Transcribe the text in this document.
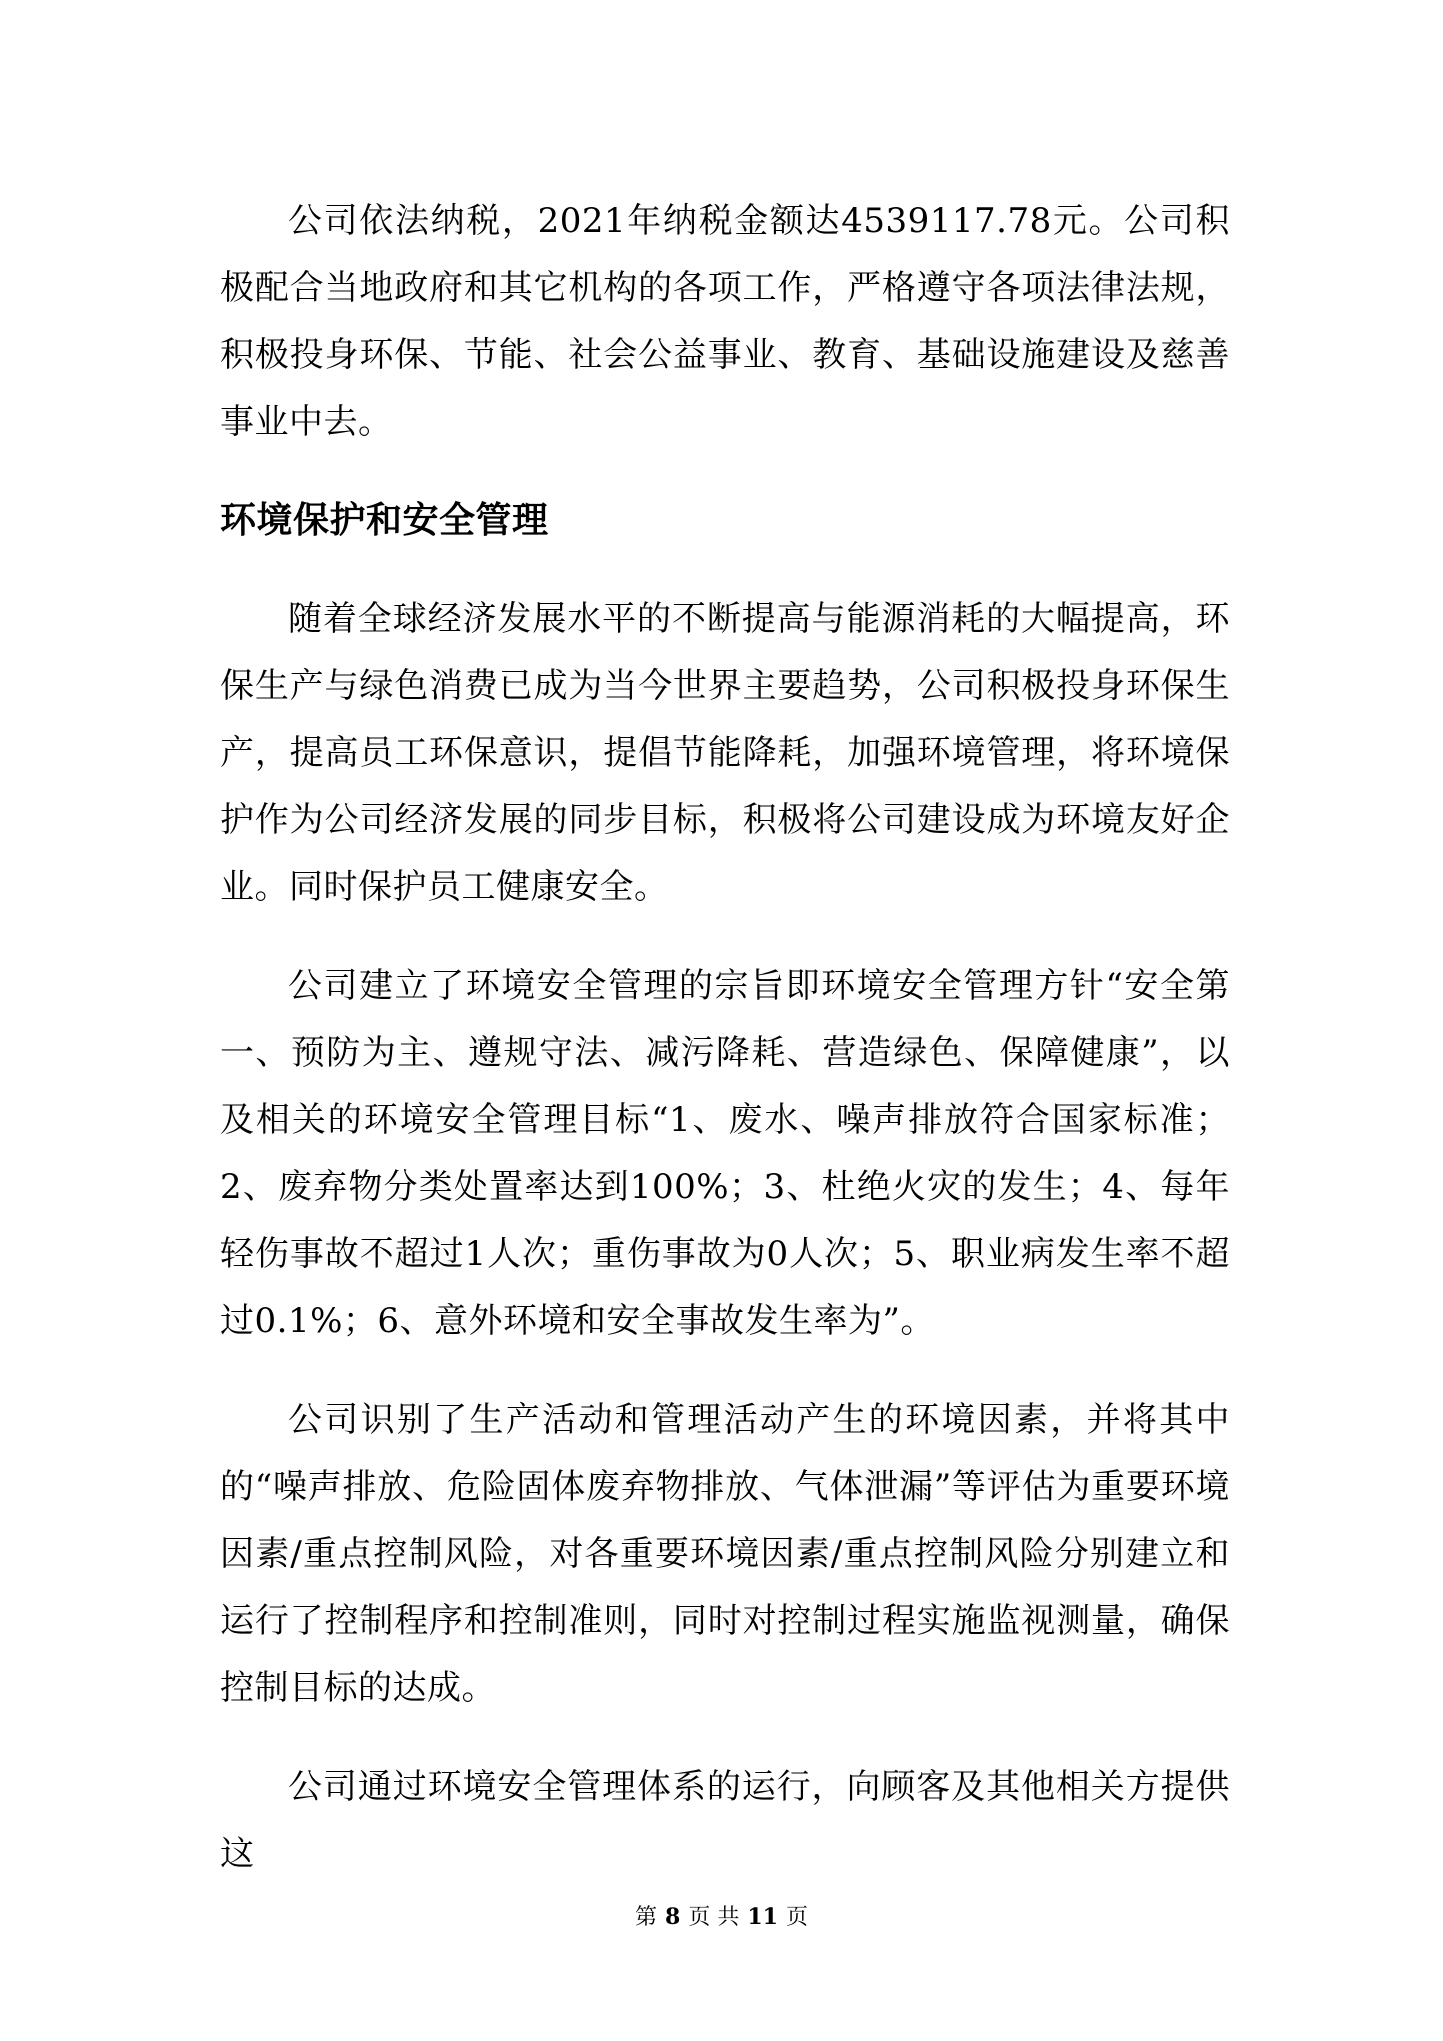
公司依法纳税，2021年纳税金额达4539117.78元。公司积极配合当地政府和其它机构的各项工作，严格遵守各项法律法规，积极投身环保、节能、社会公益事业、教育、基础设施建设及慈善事业中去。

环境保护和安全管理

随着全球经济发展水平的不断提高与能源消耗的大幅提高，环保生产与绿色消费已成为当今世界主要趋势，公司积极投身环保生产，提高员工环保意识，提倡节能降耗，加强环境管理，将环境保护作为公司经济发展的同步目标，积极将公司建设成为环境友好企业。同时保护员工健康安全。

公司建立了环境安全管理的宗旨即环境安全管理方针“安全第一、预防为主、遵规守法、减污降耗、营造绿色、保障健康”，以及相关的环境安全管理目标“1、废水、噪声排放符合国家标准；2、废弃物分类处置率达到100%；3、杜绝火灾的发生；4、每年轻伤事故不超过1人次；重伤事故为0人次；5、职业病发生率不超过0.1%；6、意外环境和安全事故发生率为”。

公司识别了生产活动和管理活动产生的环境因素，并将其中的“噪声排放、危险固体废弃物排放、气体泄漏”等评估为重要环境因素/重点控制风险，对各重要环境因素/重点控制风险分别建立和运行了控制程序和控制准则，同时对控制过程实施监视测量，确保控制目标的达成。

公司通过环境安全管理体系的运行，向顾客及其他相关方提供这

第 8 页 共 11 页
